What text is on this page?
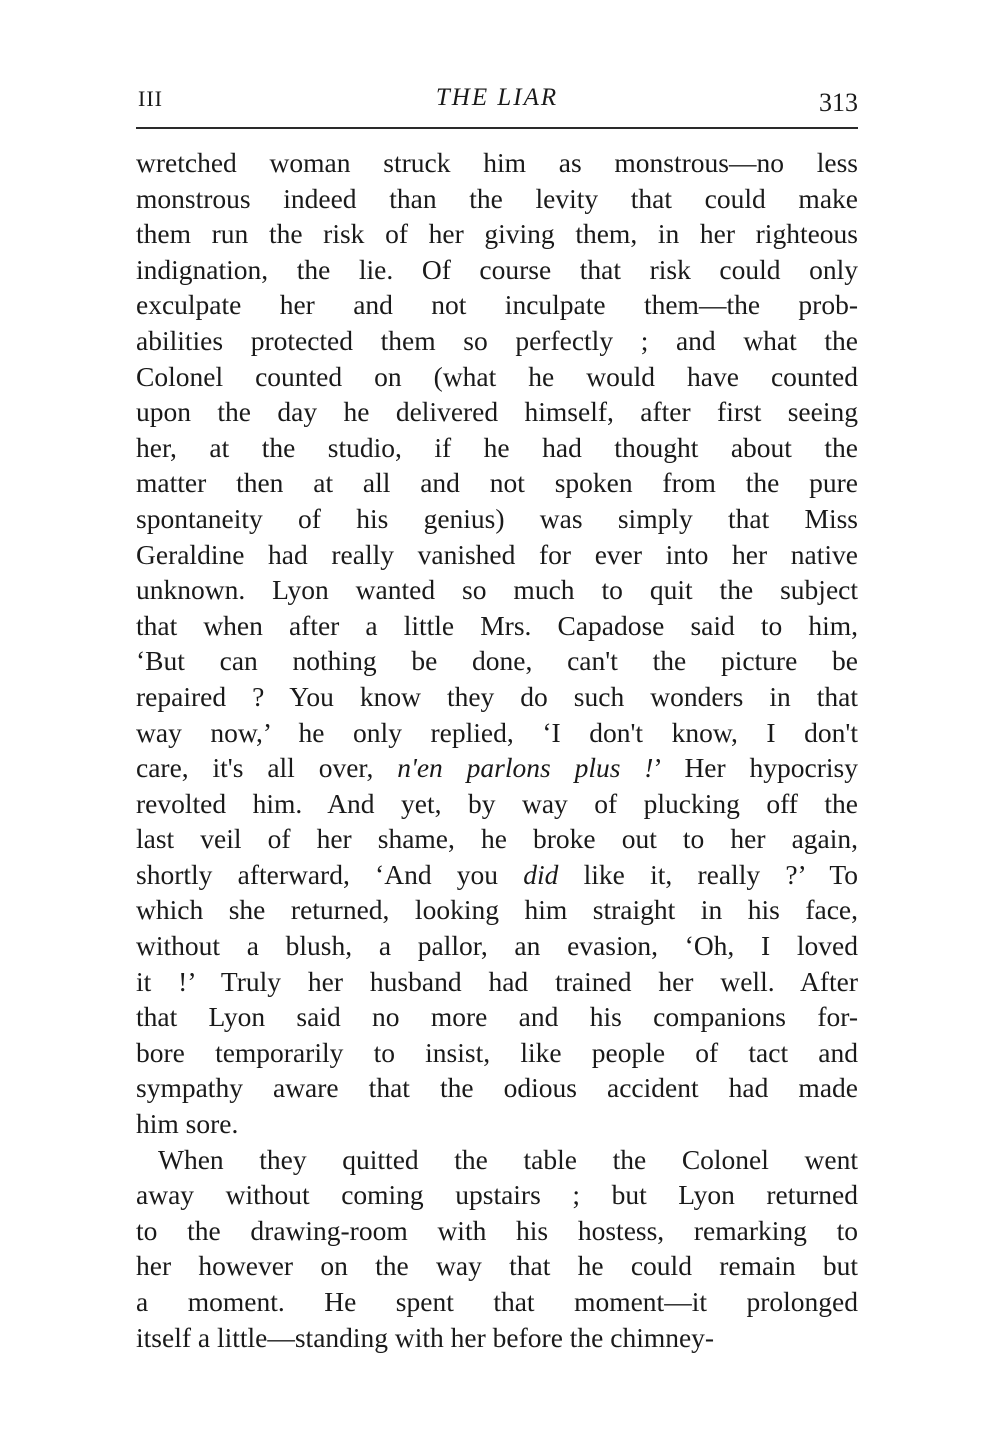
III	THE LIAR	313
wretched woman struck him as monstrous—no less
monstrous indeed than the levity that could make
them run the risk of her giving them, in her righteous
indignation, the lie. Of course that risk could only
exculpate her and not inculpate them—the prob-
abilities protected them so perfectly ; and what the
Colonel counted on (what he would have counted
upon the day he delivered himself, after first seeing
her, at the studio, if he had thought about the
matter then at all and not spoken from the pure
spontaneity of his genius) was simply that Miss
Geraldine had really vanished for ever into her native
unknown. Lyon wanted so much to quit the subject
that when after a little Mrs. Capadose said to him,
‘But can nothing be done, can't the picture be
repaired ? You know they do such wonders in that
way now,’ he only replied, ‘I don't know, I don't
care, it's all over, n'en parlons plus !’ Her hypocrisy
revolted him. And yet, by way of plucking off the
last veil of her shame, he broke out to her again,
shortly afterward, ‘And you did like it, really ?’ To
which she returned, looking him straight in his face,
without a blush, a pallor, an evasion, ‘Oh, I loved
it !’ Truly her husband had trained her well. After
that Lyon said no more and his companions for-
bore temporarily to insist, like people of tact and
sympathy aware that the odious accident had made
him sore.
When they quitted the table the Colonel went
away without coming upstairs ; but Lyon returned
to the drawing-room with his hostess, remarking to
her however on the way that he could remain but
a moment. He spent that moment—it prolonged
itself a little—standing with her before the chimney-
